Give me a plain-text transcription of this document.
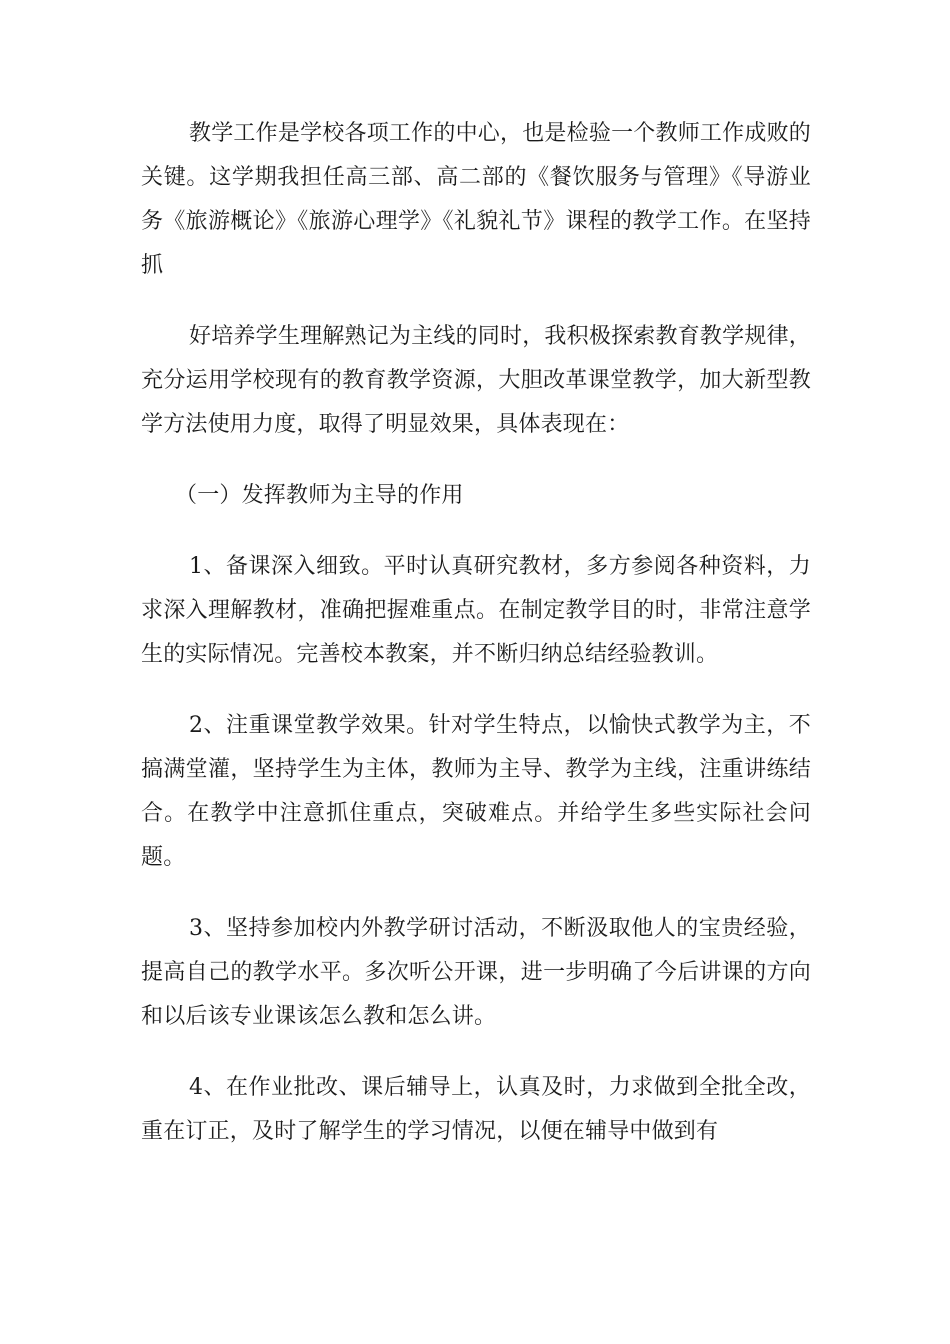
教学工作是学校各项工作的中心，也是检验一个教师工作成败的关键。这学期我担任高三部、高二部的《餐饮服务与管理》《导游业务《旅游概论》《旅游心理学》《礼貌礼节》课程的教学工作。在坚持抓

好培养学生理解熟记为主线的同时，我积极探索教育教学规律，充分运用学校现有的教育教学资源，大胆改革课堂教学，加大新型教学方法使用力度，取得了明显效果，具体表现在：

（一）发挥教师为主导的作用

1、备课深入细致。平时认真研究教材，多方参阅各种资料，力求深入理解教材，准确把握难重点。在制定教学目的时，非常注意学生的实际情况。完善校本教案，并不断归纳总结经验教训。

2、注重课堂教学效果。针对学生特点，以愉快式教学为主，不搞满堂灌，坚持学生为主体，教师为主导、教学为主线，注重讲练结合。在教学中注意抓住重点，突破难点。并给学生多些实际社会问题。

3、坚持参加校内外教学研讨活动，不断汲取他人的宝贵经验，提高自己的教学水平。多次听公开课，进一步明确了今后讲课的方向和以后该专业课该怎么教和怎么讲。

4、在作业批改、课后辅导上，认真及时，力求做到全批全改，重在订正，及时了解学生的学习情况，以便在辅导中做到有
